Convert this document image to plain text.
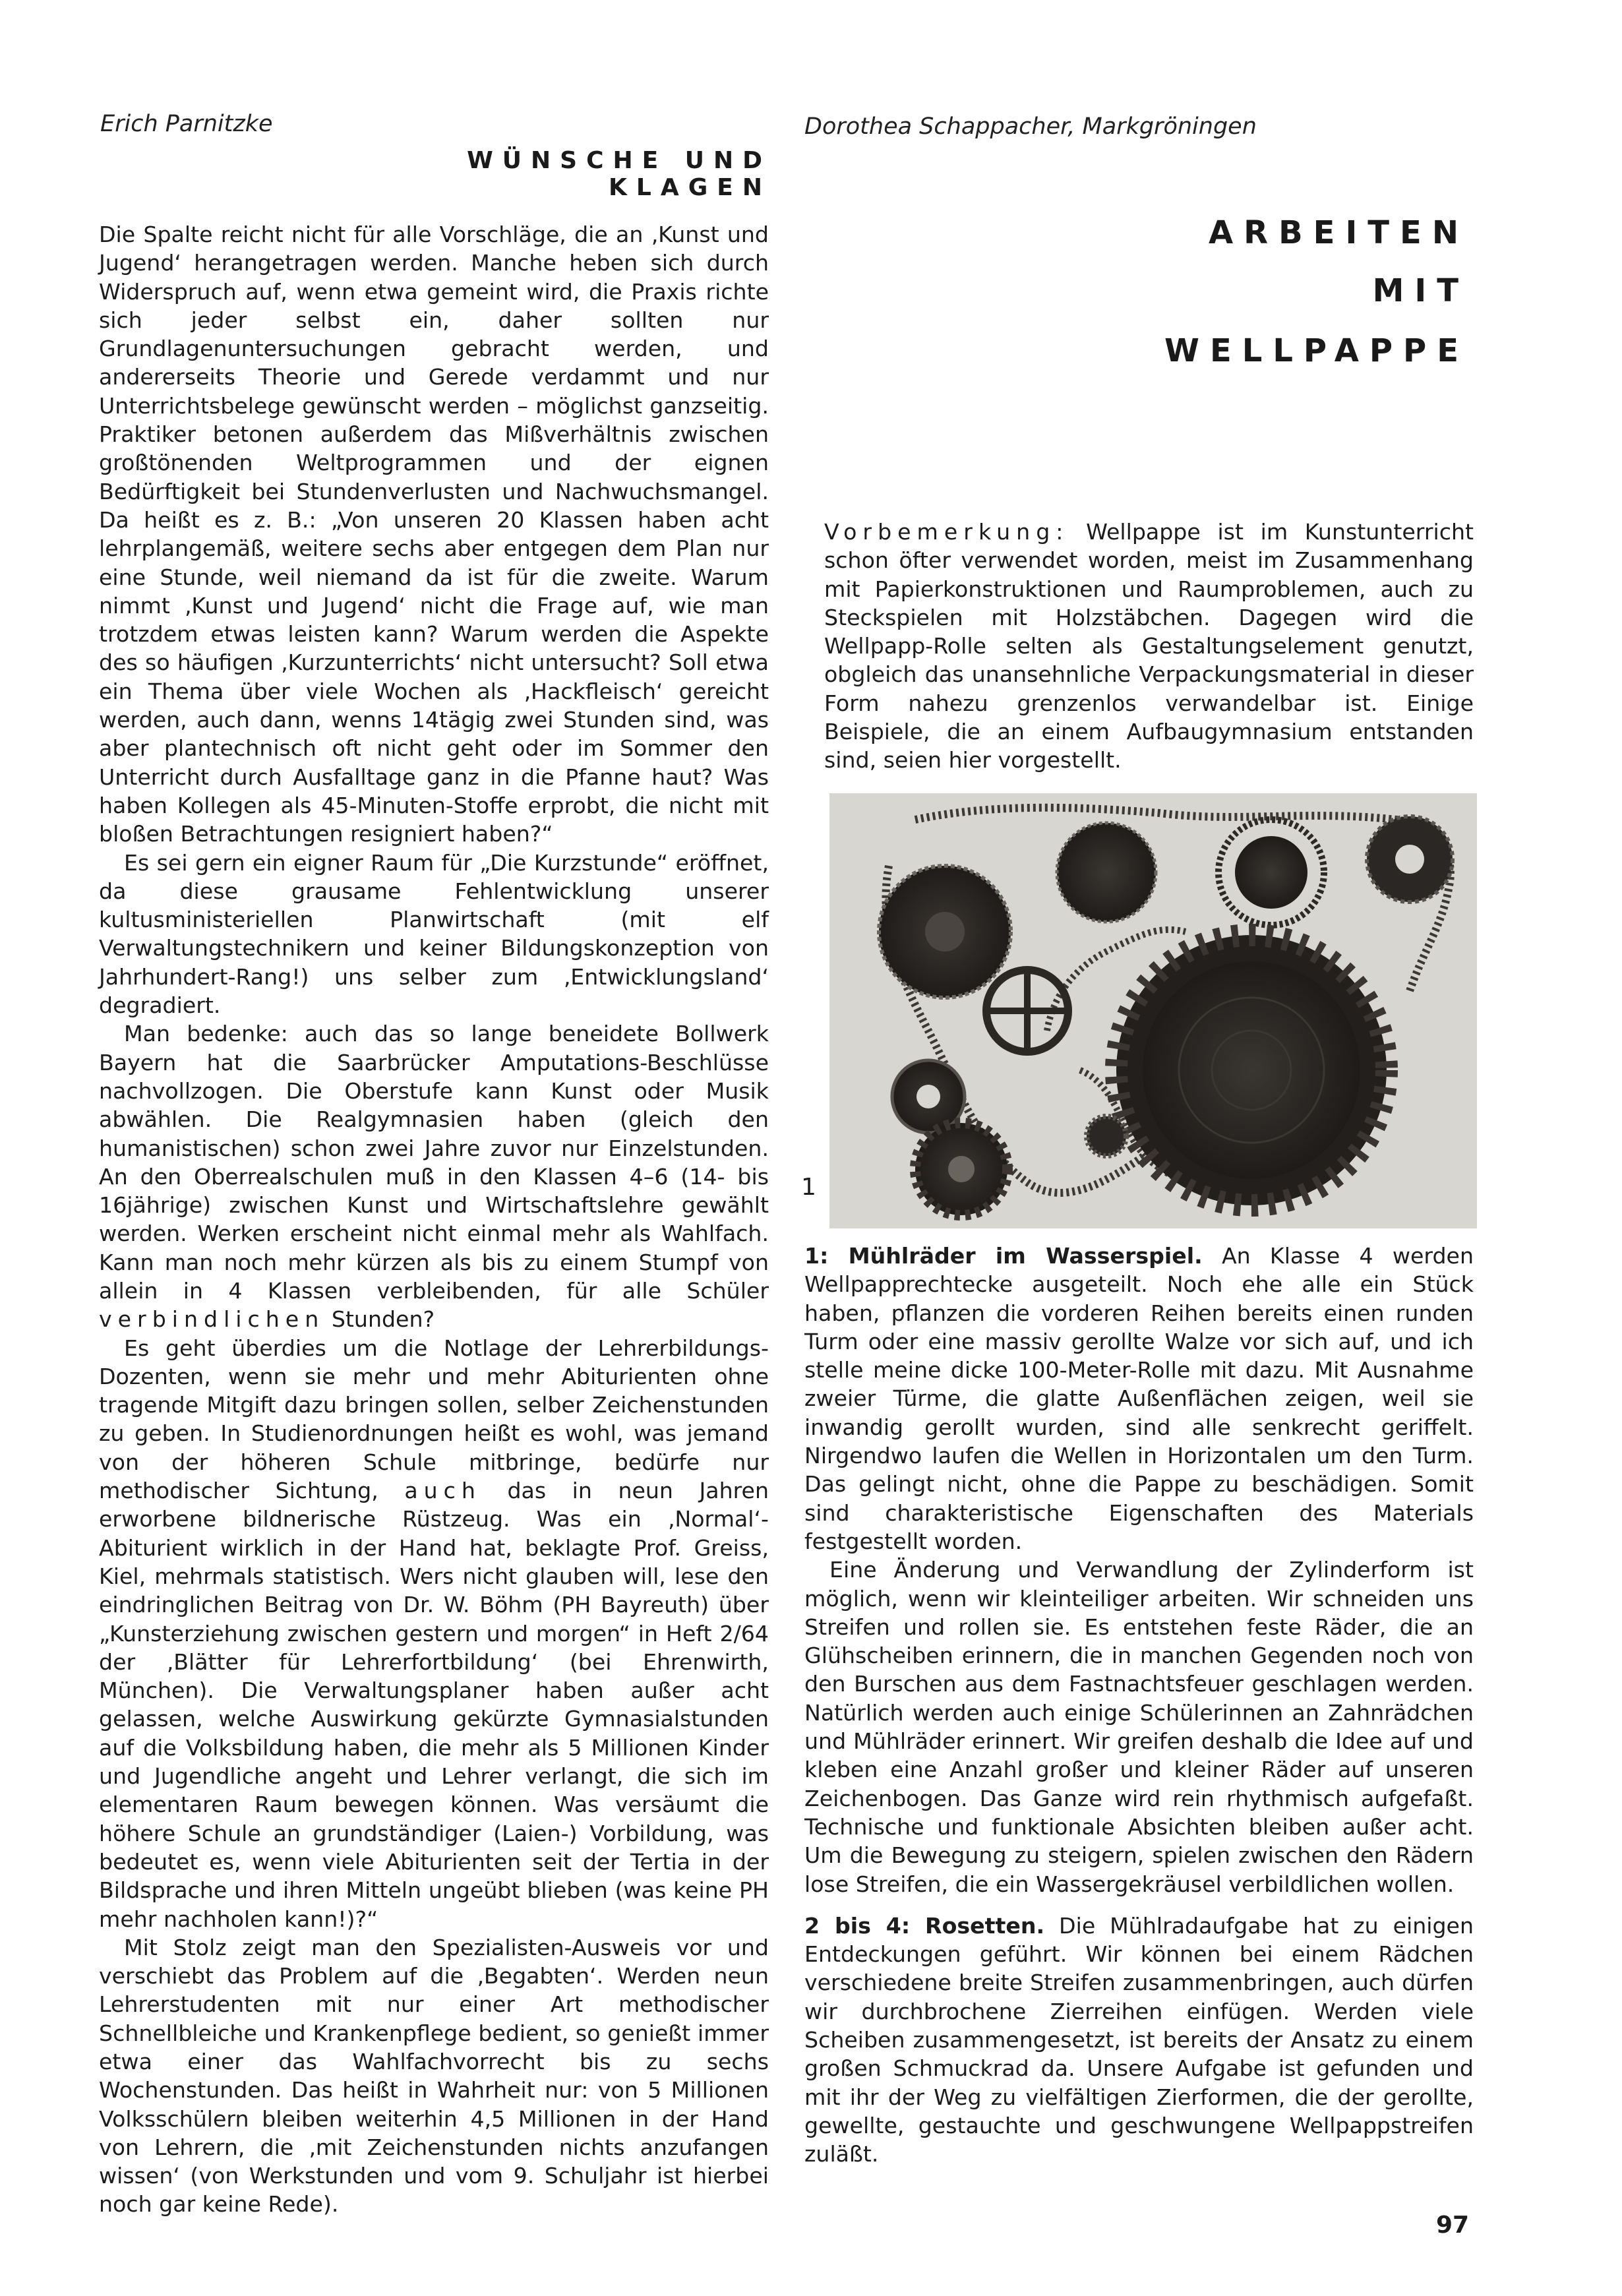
Erich Parnitzke	Dorothea Schappacher, Markgröningen
WÜNSCHE UND KLAGEN
ARBEITEN
MIT
WELLPAPPE

Die Spalte reicht nicht für alle Vorschläge, die an ‚Kunst und Jugend‘ herangetragen werden. Manche heben sich durch Widerspruch auf, wenn etwa gemeint wird, die Praxis richte sich jeder selbst ein, daher sollten nur Grundlagenuntersuchungen gebracht werden, und andererseits Theorie und Gerede verdammt und nur Unterrichtsbelege gewünscht werden – möglichst ganzseitig. Praktiker betonen außerdem das Mißverhältnis zwischen großtönenden Weltprogrammen und der eignen Bedürftigkeit bei Stundenverlusten und Nachwuchsmangel. Da heißt es z. B.: „Von unseren 20 Klassen haben acht lehrplangemäß, weitere sechs aber entgegen dem Plan nur eine Stunde, weil niemand da ist für die zweite. Warum nimmt ‚Kunst und Jugend‘ nicht die Frage auf, wie man trotzdem etwas leisten kann? Warum werden die Aspekte des so häufigen ‚Kurzunterrichts‘ nicht untersucht? Soll etwa ein Thema über viele Wochen als ‚Hackfleisch‘ gereicht werden, auch dann, wenns 14tägig zwei Stunden sind, was aber plantechnisch oft nicht geht oder im Sommer den Unterricht durch Ausfalltage ganz in die Pfanne haut? Was haben Kollegen als 45-Minuten-Stoffe erprobt, die nicht mit bloßen Betrachtungen resigniert haben?“

Es sei gern ein eigner Raum für „Die Kurzstunde“ eröffnet, da diese grausame Fehlentwicklung unserer kultusministeriellen Planwirtschaft (mit elf Verwaltungstechnikern und keiner Bildungskonzeption von Jahrhundert-Rang!) uns selber zum ‚Entwicklungsland‘ degradiert.

Man bedenke: auch das so lange beneidete Bollwerk Bayern hat die Saarbrücker Amputations-Beschlüsse nachvollzogen. Die Oberstufe kann Kunst oder Musik abwählen. Die Realgymnasien haben (gleich den humanistischen) schon zwei Jahre zuvor nur Einzelstunden. An den Oberrealschulen muß in den Klassen 4–6 (14- bis 16jährige) zwischen Kunst und Wirtschaftslehre gewählt werden. Werken erscheint nicht einmal mehr als Wahlfach. Kann man noch mehr kürzen als bis zu einem Stumpf von allein in 4 Klassen verbleibenden, für alle Schüler verbindlichen Stunden?

Es geht überdies um die Notlage der Lehrerbildungs-Dozenten, wenn sie mehr und mehr Abiturienten ohne tragende Mitgift dazu bringen sollen, selber Zeichenstunden zu geben. In Studienordnungen heißt es wohl, was jemand von der höheren Schule mitbringe, bedürfe nur methodischer Sichtung, auch das in neun Jahren erworbene bildnerische Rüstzeug. Was ein ‚Normal‘-Abiturient wirklich in der Hand hat, beklagte Prof. Greiss, Kiel, mehrmals statistisch. Wers nicht glauben will, lese den eindringlichen Beitrag von Dr. W. Böhm (PH Bayreuth) über „Kunsterziehung zwischen gestern und morgen“ in Heft 2/64 der ‚Blätter für Lehrerfortbildung‘ (bei Ehrenwirth, München). Die Verwaltungsplaner haben außer acht gelassen, welche Auswirkung gekürzte Gymnasialstunden auf die Volksbildung haben, die mehr als 5 Millionen Kinder und Jugendliche angeht und Lehrer verlangt, die sich im elementaren Raum bewegen können. Was versäumt die höhere Schule an grundständiger (Laien-) Vorbildung, was bedeutet es, wenn viele Abiturienten seit der Tertia in der Bildsprache und ihren Mitteln ungeübt blieben (was keine PH mehr nachholen kann!)?“

Mit Stolz zeigt man den Spezialisten-Ausweis vor und verschiebt das Problem auf die ‚Begabten‘. Werden neun Lehrerstudenten mit nur einer Art methodischer Schnellbleiche und Krankenpflege bedient, so genießt immer etwa einer das Wahlfachvorrecht bis zu sechs Wochenstunden. Das heißt in Wahrheit nur: von 5 Millionen Volksschülern bleiben weiterhin 4,5 Millionen in der Hand von Lehrern, die ‚mit Zeichenstunden nichts anzufangen wissen‘ (von Werkstunden und vom 9. Schuljahr ist hierbei noch gar keine Rede).

Vorbemerkung: Wellpappe ist im Kunstunterricht schon öfter verwendet worden, meist im Zusammenhang mit Papierkonstruktionen und Raumproblemen, auch zu Steckspielen mit Holzstäbchen. Dagegen wird die Wellpapp-Rolle selten als Gestaltungselement genutzt, obgleich das unansehnliche Verpackungsmaterial in dieser Form nahezu grenzenlos verwandelbar ist. Einige Beispiele, die an einem Aufbaugymnasium entstanden sind, seien hier vorgestellt.

1

1: Mühlräder im Wasserspiel. An Klasse 4 werden Wellpapprechtecke ausgeteilt. Noch ehe alle ein Stück haben, pflanzen die vorderen Reihen bereits einen runden Turm oder eine massiv gerollte Walze vor sich auf, und ich stelle meine dicke 100-Meter-Rolle mit dazu. Mit Ausnahme zweier Türme, die glatte Außenflächen zeigen, weil sie inwandig gerollt wurden, sind alle senkrecht geriffelt. Nirgendwo laufen die Wellen in Horizontalen um den Turm. Das gelingt nicht, ohne die Pappe zu beschädigen. Somit sind charakteristische Eigenschaften des Materials festgestellt worden.

Eine Änderung und Verwandlung der Zylinderform ist möglich, wenn wir kleinteiliger arbeiten. Wir schneiden uns Streifen und rollen sie. Es entstehen feste Räder, die an Glühscheiben erinnern, die in manchen Gegenden noch von den Burschen aus dem Fastnachtsfeuer geschlagen werden. Natürlich werden auch einige Schülerinnen an Zahnrädchen und Mühlräder erinnert. Wir greifen deshalb die Idee auf und kleben eine Anzahl großer und kleiner Räder auf unseren Zeichenbogen. Das Ganze wird rein rhythmisch aufgefaßt. Technische und funktionale Absichten bleiben außer acht. Um die Bewegung zu steigern, spielen zwischen den Rädern lose Streifen, die ein Wassergekräusel verbildlichen wollen.

2 bis 4: Rosetten. Die Mühlradaufgabe hat zu einigen Entdeckungen geführt. Wir können bei einem Rädchen verschiedene breite Streifen zusammenbringen, auch dürfen wir durchbrochene Zierreihen einfügen. Werden viele Scheiben zusammengesetzt, ist bereits der Ansatz zu einem großen Schmuckrad da. Unsere Aufgabe ist gefunden und mit ihr der Weg zu vielfältigen Zierformen, die der gerollte, gewellte, gestauchte und geschwungene Wellpappstreifen zuläßt.

97
